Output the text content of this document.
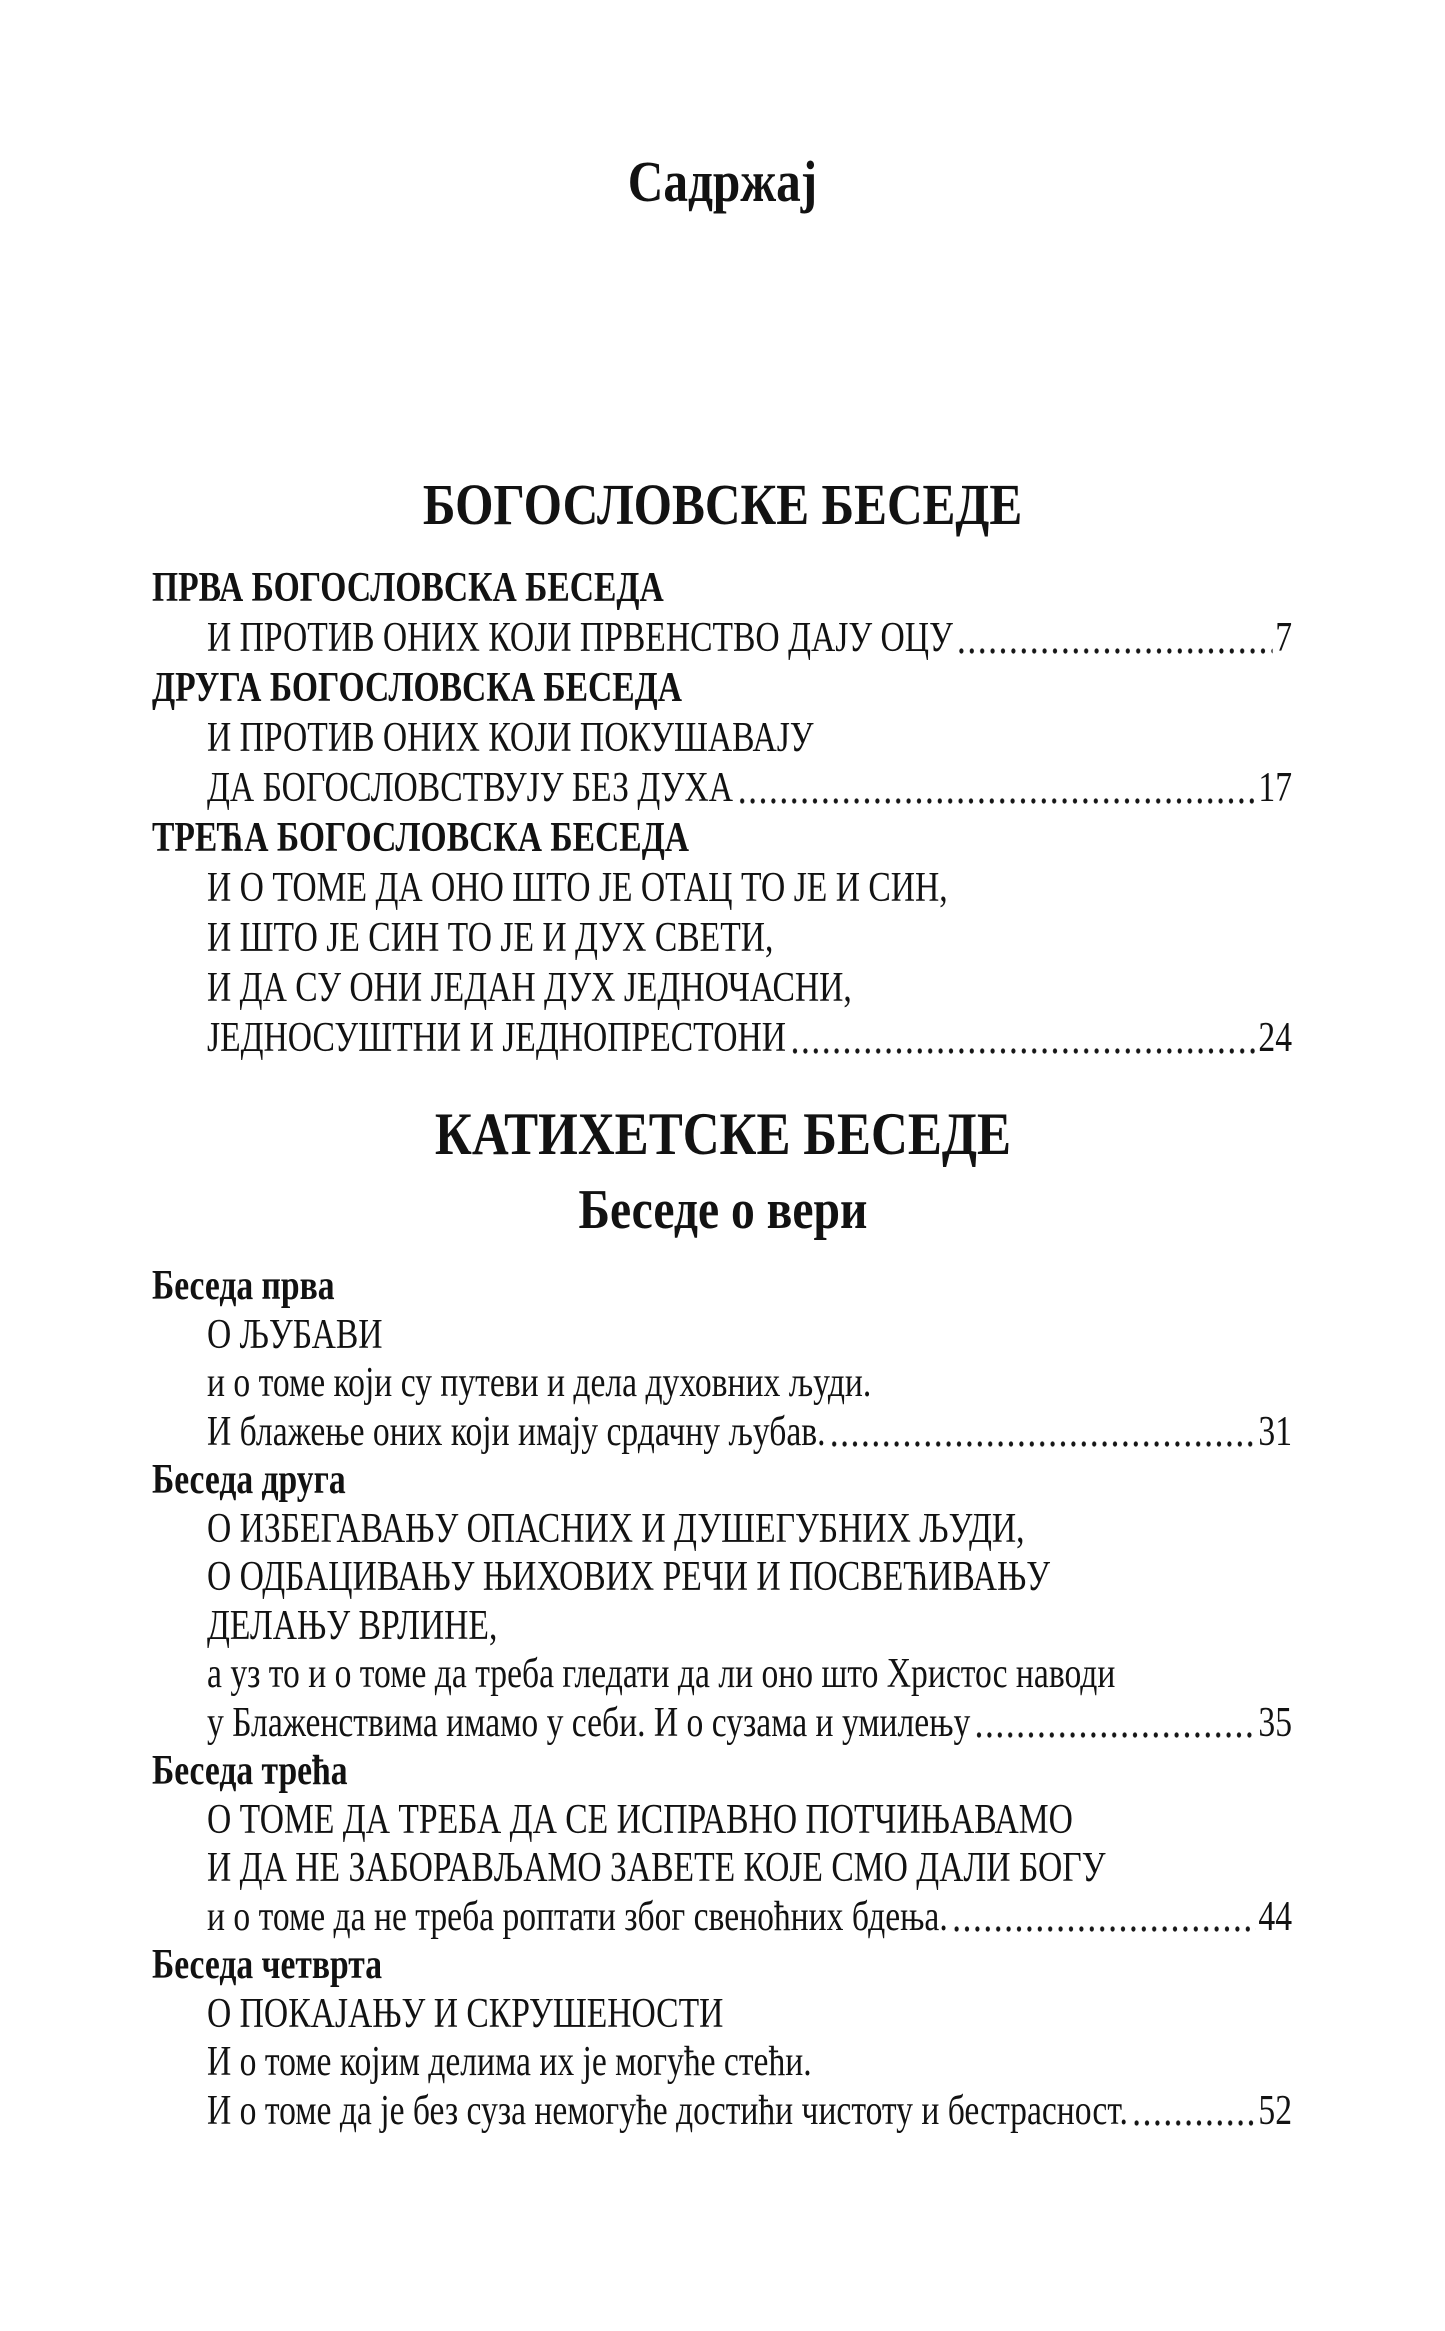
Садржај
БОГОСЛОВСКЕ БЕСЕДЕ
ПРВА БОГОСЛОВСКА БЕСЕДА
И ПРОТИВ ОНИХ КОЈИ ПРВЕНСТВО ДАЈУ ОЦУ	7
ДРУГА БОГОСЛОВСКА БЕСЕДА
И ПРОТИВ ОНИХ КОЈИ ПОКУШАВАЈУ
ДА БОГОСЛОВСТВУЈУ БЕЗ ДУХА	17
ТРЕЋА БОГОСЛОВСКА БЕСЕДА
И О ТОМЕ ДА ОНО ШТО ЈЕ ОТАЦ ТО ЈЕ И СИН,
И ШТО ЈЕ СИН ТО ЈЕ И ДУХ СВЕТИ,
И ДА СУ ОНИ ЈЕДАН ДУХ ЈЕДНОЧАСНИ,
ЈЕДНОСУШТНИ И ЈЕДНОПРЕСТОНИ	24
КАТИХЕТСКЕ БЕСЕДЕ
Беседе о вери
Беседа прва
О ЉУБАВИ
и о томе који су путеви и дела духовних људи.
И блажење оних који имају срдачну љубав.	31
Беседа друга
О ИЗБЕГАВАЊУ ОПАСНИХ И ДУШЕГУБНИХ ЉУДИ,
О ОДБАЦИВАЊУ ЊИХОВИХ РЕЧИ И ПОСВЕЋИВАЊУ
ДЕЛАЊУ ВРЛИНЕ,
а уз то и о томе да треба гледати да ли оно што Христос наводи
у Блаженствима имамо у себи. И о сузама и умилењу	35
Беседа трећа
О ТОМЕ ДА ТРЕБА ДА СЕ ИСПРАВНО ПОТЧИЊАВАМО
И ДА НЕ ЗАБОРАВЉАМО ЗАВЕТЕ КОЈЕ СМО ДАЛИ БОГУ
и о томе да не треба роптати због свеноћних бдења.	44
Беседа четврта
О ПОКАЈАЊУ И СКРУШЕНОСТИ
И о томе којим делима их је могуће стећи.
И о томе да је без суза немогуће достићи чистоту и бестрасност.	52
